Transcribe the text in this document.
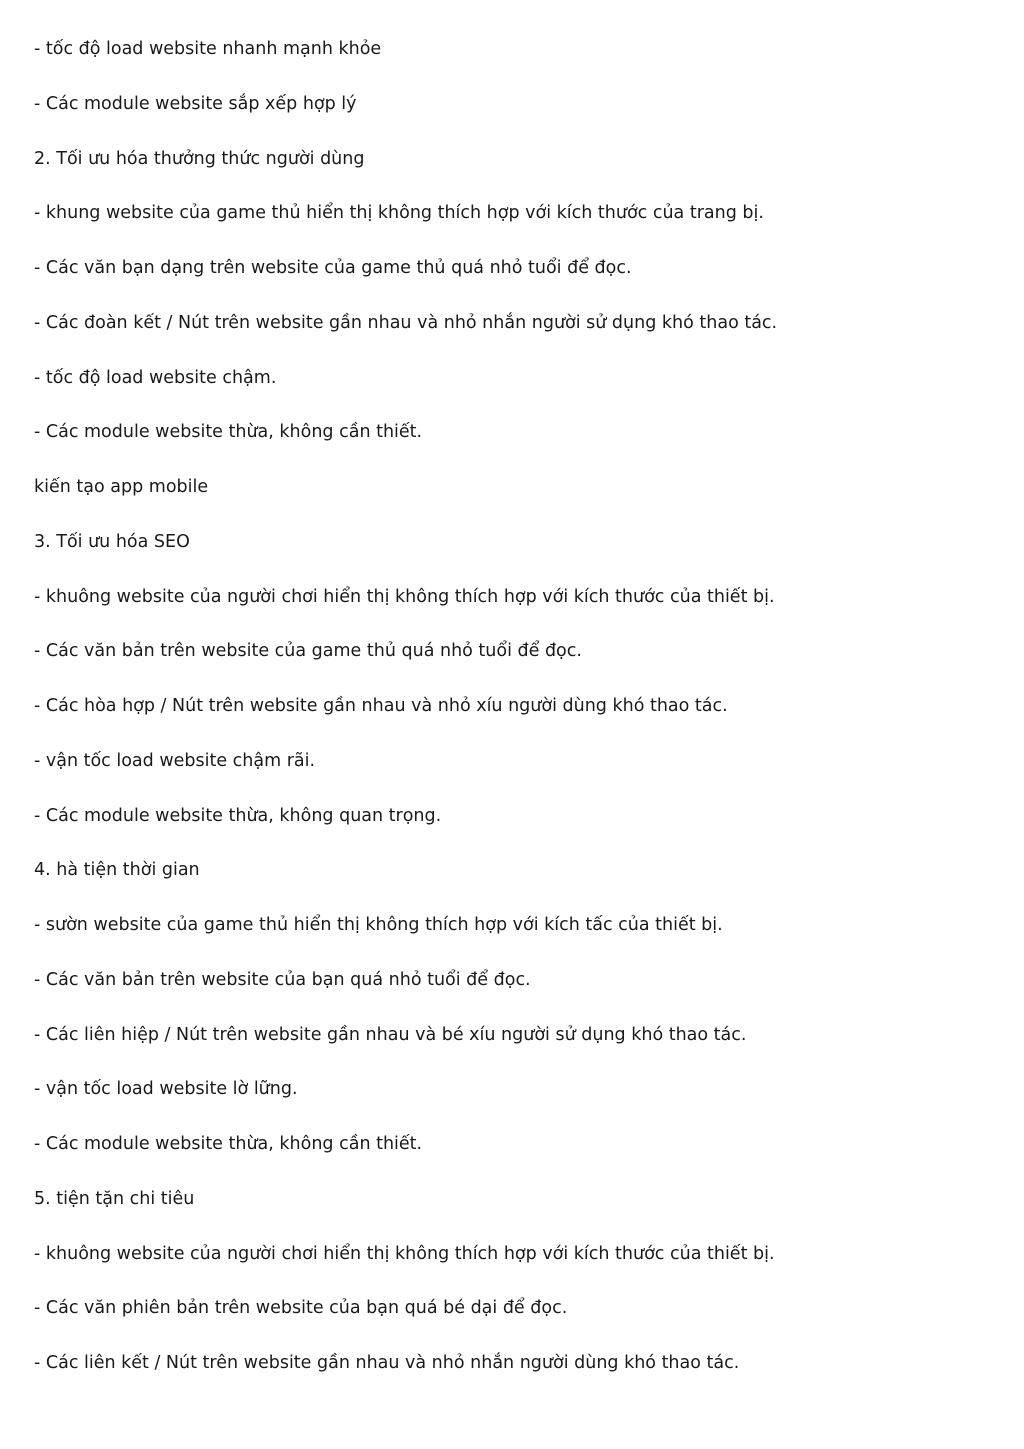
- tốc độ load website nhanh mạnh khỏe
- Các module website sắp xếp hợp lý
2. Tối ưu hóa thưởng thức người dùng
- khung website của game thủ hiển thị không thích hợp với kích thước của trang bị.
- Các văn bạn dạng trên website của game thủ quá nhỏ tuổi để đọc.
- Các đoàn kết / Nút trên website gần nhau và nhỏ nhắn người sử dụng khó thao tác.
- tốc độ load website chậm.
- Các module website thừa, không cần thiết.
kiến tạo app mobile
3. Tối ưu hóa SEO
- khuông website của người chơi hiển thị không thích hợp với kích thước của thiết bị.
- Các văn bản trên website của game thủ quá nhỏ tuổi để đọc.
- Các hòa hợp / Nút trên website gần nhau và nhỏ xíu người dùng khó thao tác.
- vận tốc load website chậm rãi.
- Các module website thừa, không quan trọng.
4. hà tiện thời gian
- sườn website của game thủ hiển thị không thích hợp với kích tấc của thiết bị.
- Các văn bản trên website của bạn quá nhỏ tuổi để đọc.
- Các liên hiệp / Nút trên website gần nhau và bé xíu người sử dụng khó thao tác.
- vận tốc load website lờ lững.
- Các module website thừa, không cần thiết.
5. tiện tặn chi tiêu
- khuông website của người chơi hiển thị không thích hợp với kích thước của thiết bị.
- Các văn phiên bản trên website của bạn quá bé dại để đọc.
- Các liên kết / Nút trên website gần nhau và nhỏ nhắn người dùng khó thao tác.
